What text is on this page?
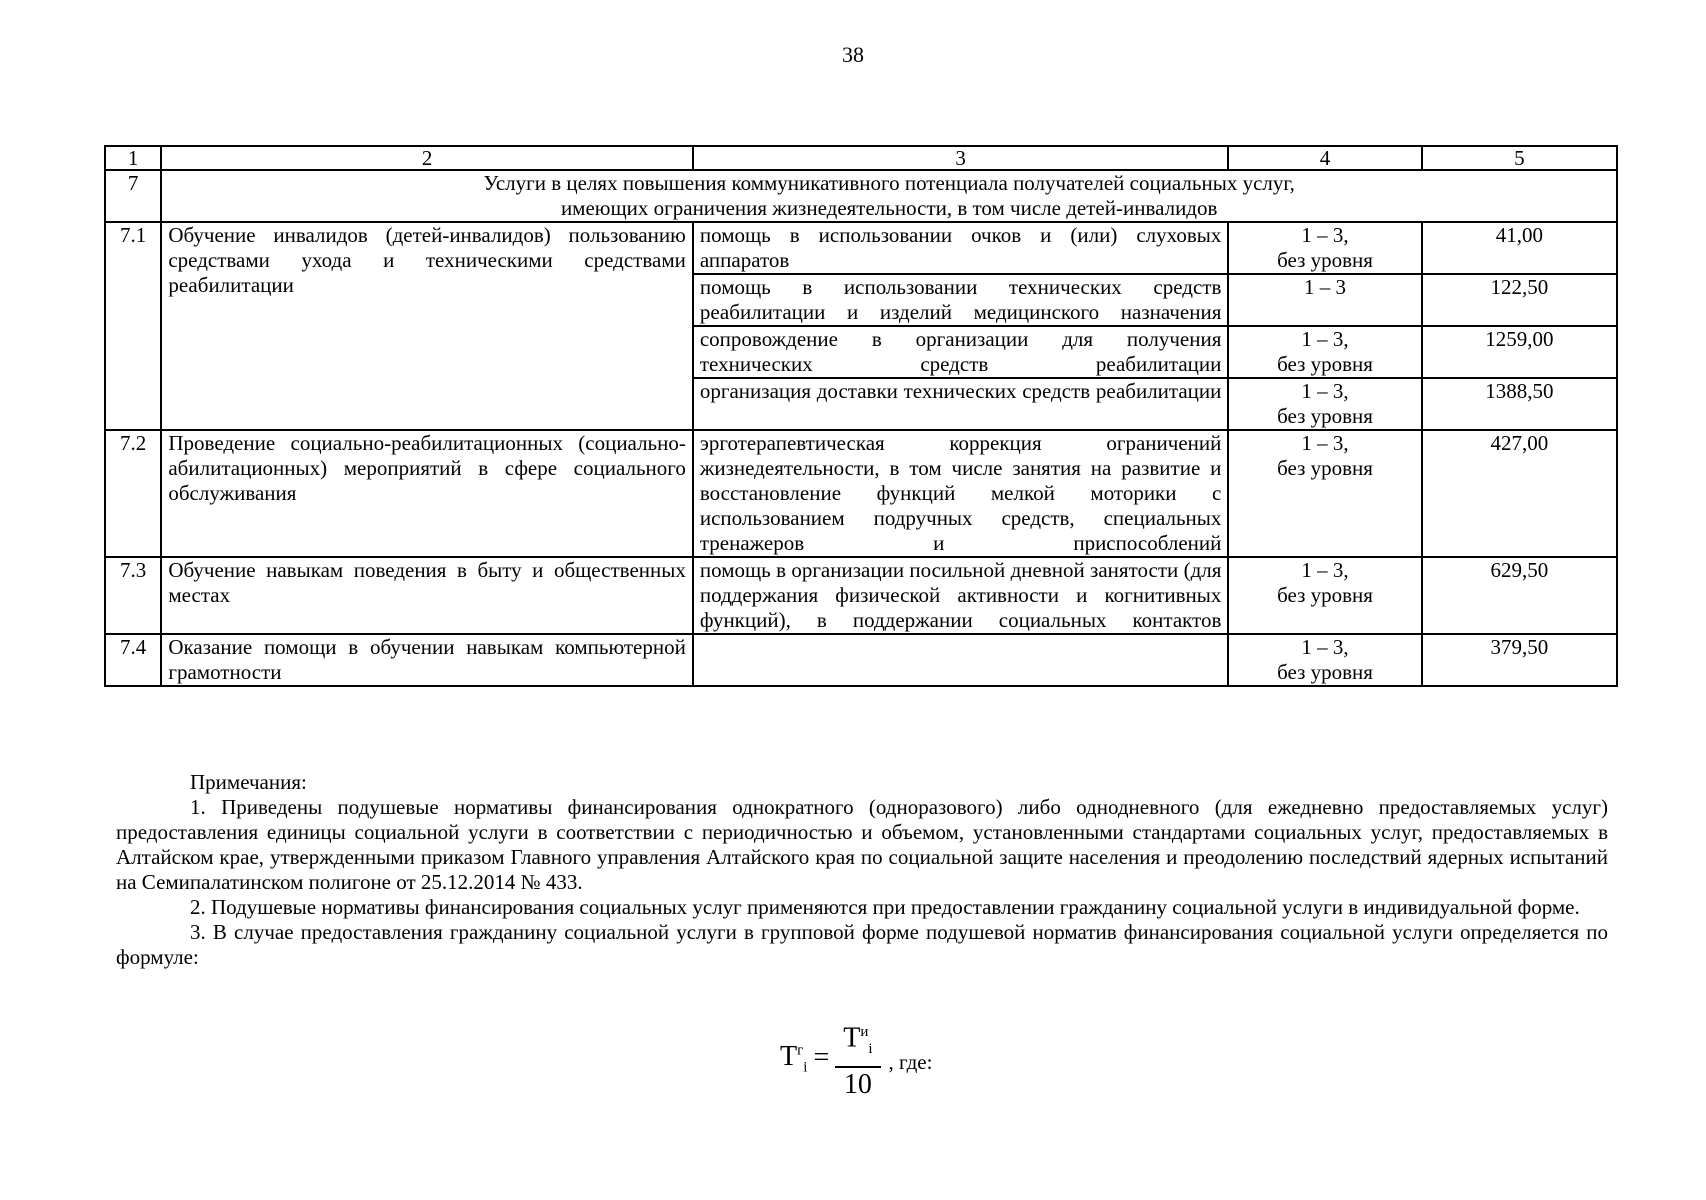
38
1	2	3	4	5
7	Услуги в целях повышения коммуникативного потенциала получателей социальных услуг,
имеющих ограничения жизнедеятельности, в том числе детей-инвалидов			

7.1	Обучение инвалидов (детей-инвалидов) пользованию средствами ухода и техническими средствами реабилитации	помощь в использовании очков и (или) слуховых аппаратов	1 – 3,
без уровня	41,00
		помощь в использовании технических средств реабилитации и изделий медицинского назначения	1 – 3	122,50
		сопровождение в организации для получения технических средств реабилитации	1 – 3,
без уровня	1259,00
		организация доставки технических средств реабилитации	1 – 3,
без уровня	1388,50
7.2	Проведение социально-реабилитационных (социально-абилитационных) мероприятий в сфере социального обслуживания	эрготерапевтическая коррекция ограничений жизнедеятельности, в том числе занятия на развитие и восстановление функций мелкой моторики с использованием подручных средств, специальных тренажеров и приспособлений	1 – 3,
без уровня	427,00
7.3	Обучение навыкам поведения в быту и общественных местах	помощь в организации посильной дневной занятости (для поддержания физической активности и когнитивных функций), в поддержании социальных контактов	1 – 3,
без уровня	629,50
7.4	Оказание помощи в обучении навыкам компьютерной грамотности		1 – 3,
без уровня	379,50

Примечания:

1. Приведены подушевые нормативы финансирования однократного (одноразового) либо однодневного (для ежедневно предоставляемых услуг) предоставления единицы социальной услуги в соответствии с периодичностью и объемом, установленными стандартами социальных услуг, предоставляемых в Алтайском крае, утвержденными приказом Главного управления Алтайского края по социальной защите населения и преодолению последствий ядерных испытаний на Семипалатинском полигоне от 25.12.2014 № 433.

2. Подушевые нормативы финансирования социальных услуг применяются при предоставлении гражданину социальной услуги в индивидуальной форме.

3. В случае предоставления гражданину социальной услуги в групповой форме подушевой норматив финансирования социальной услуги определяется по формуле:

$Т^г_i = \frac{Т^и_i}{10}$ , где:
